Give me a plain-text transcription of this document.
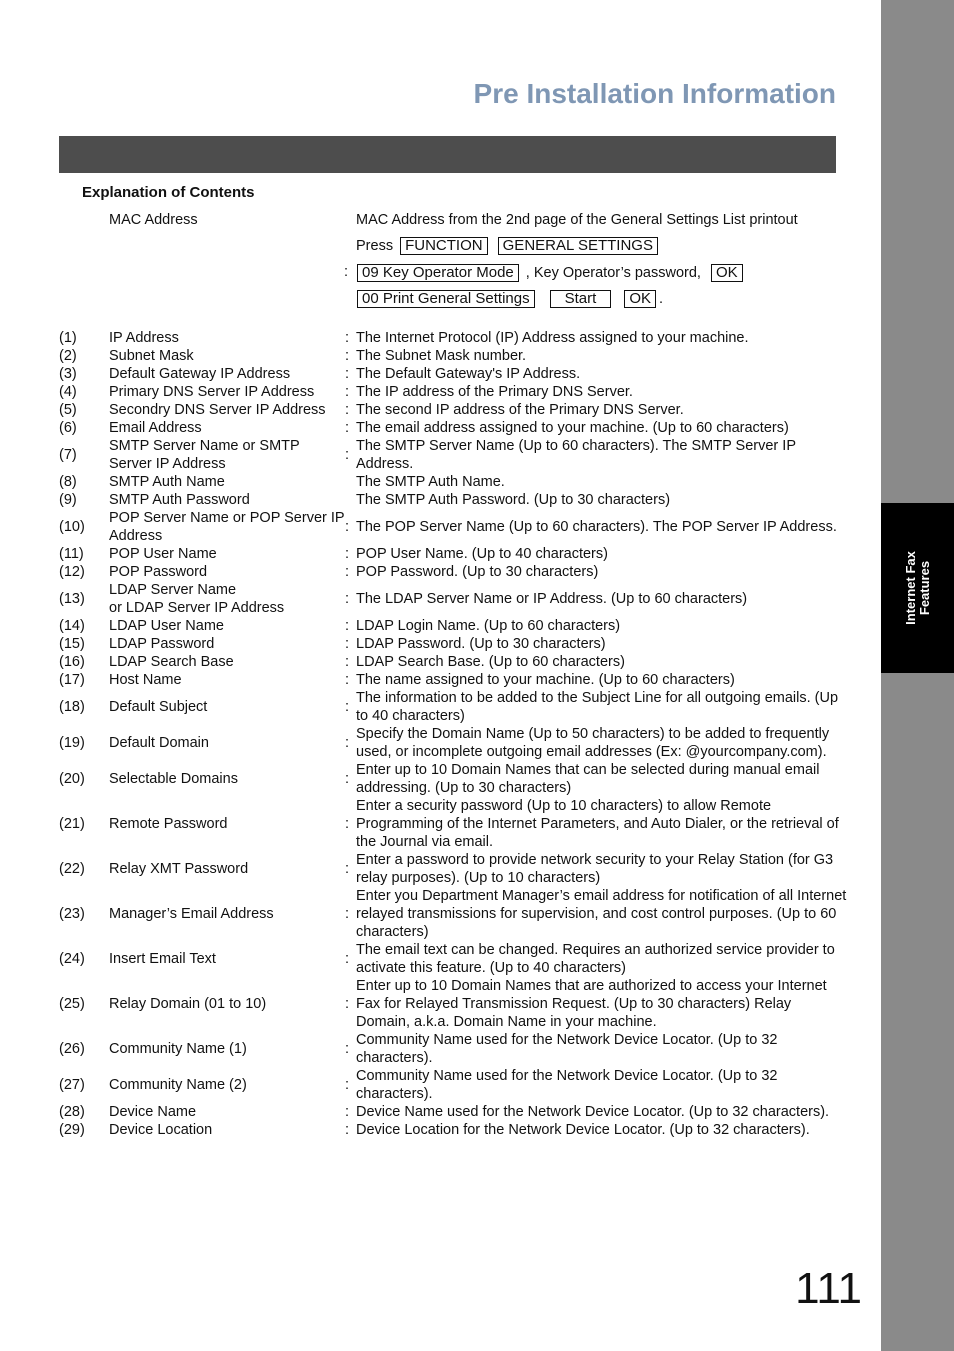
Internet Fax
Features
Pre Installation Information
Explanation of Contents
MAC Address	MAC Address from the 2nd page of the General Settings List printout
Press FUNCTION GENERAL SETTINGS
: 09 Key Operator Mode , Key Operator’s password, OK
00 Print General Settings Start OK .
(1)	IP Address	: The Internet Protocol (IP) Address assigned to your machine.
(2)	Subnet Mask	: The Subnet Mask number.
(3)	Default Gateway IP Address	: The Default Gateway's IP Address.
(4)	Primary DNS Server IP Address	: The IP address of the Primary DNS Server.
(5)	Secondry DNS Server IP Address	: The second IP address of the Primary DNS Server.
(6)	Email Address	: The email address assigned to your machine. (Up to 60 characters)
(7)
SMTP Server Name or SMTP Server IP Address
:
The SMTP Server Name (Up to 60 characters). The SMTP Server IP Address.
(8)	SMTP Auth Name	The SMTP Auth Name.
(9)	SMTP Auth Password	The SMTP Auth Password. (Up to 30 characters)
(10)
POP Server Name or POP Server IP Address
: The POP Server Name (Up to 60 characters). The POP Server IP Address.
(11)	POP User Name	: POP User Name. (Up to 40 characters)
(12)	POP Password	: POP Password. (Up to 30 characters)
(13)
LDAP Server Name
or LDAP Server IP Address
: The LDAP Server Name or IP Address. (Up to 60 characters)
(14)	LDAP User Name	: LDAP Login Name. (Up to 60 characters)
(15)	LDAP Password	: LDAP Password. (Up to 30 characters)
(16)	LDAP Search Base	: LDAP Search Base. (Up to 60 characters)
(17)	Host Name	: The name assigned to your machine. (Up to 60 characters)
(18)	Default Subject	:
The information to be added to the Subject Line for all outgoing emails. (Up to 40 characters)
(19)	Default Domain	:
Specify the Domain Name (Up to 50 characters) to be added to frequently used, or incomplete outgoing email addresses (Ex: @yourcompany.com).
(20)	Selectable Domains	:
Enter up to 10 Domain Names that can be selected during manual email addressing. (Up to 30 characters)
(21)	Remote Password	:
Enter a security password (Up to 10 characters) to allow Remote Programming of the Internet Parameters, and Auto Dialer, or the retrieval of the Journal via email.
(22)	Relay XMT Password	:
Enter a password to provide network security to your Relay Station (for G3 relay purposes). (Up to 10 characters)
(23)	Manager’s Email Address	:
Enter you Department Manager’s email address for notification of all Internet relayed transmissions for supervision, and cost control purposes. (Up to 60 characters)
(24)	Insert Email Text	:
The email text can be changed. Requires an authorized service provider to activate this feature. (Up to 40 characters)
(25)	Relay Domain (01 to 10)	:
Enter up to 10 Domain Names that are authorized to access your Internet Fax for Relayed Transmission Request. (Up to 30 characters) Relay Domain, a.k.a. Domain Name in your machine.
(26)	Community Name (1)	:
Community Name used for the Network Device Locator. (Up to 32 characters).
(27)	Community Name (2)	:
Community Name used for the Network Device Locator. (Up to 32 characters).
(28)	Device Name	: Device Name used for the Network Device Locator. (Up to 32 characters).
(29)	Device Location	: Device Location for the Network Device Locator. (Up to 32 characters).
111
